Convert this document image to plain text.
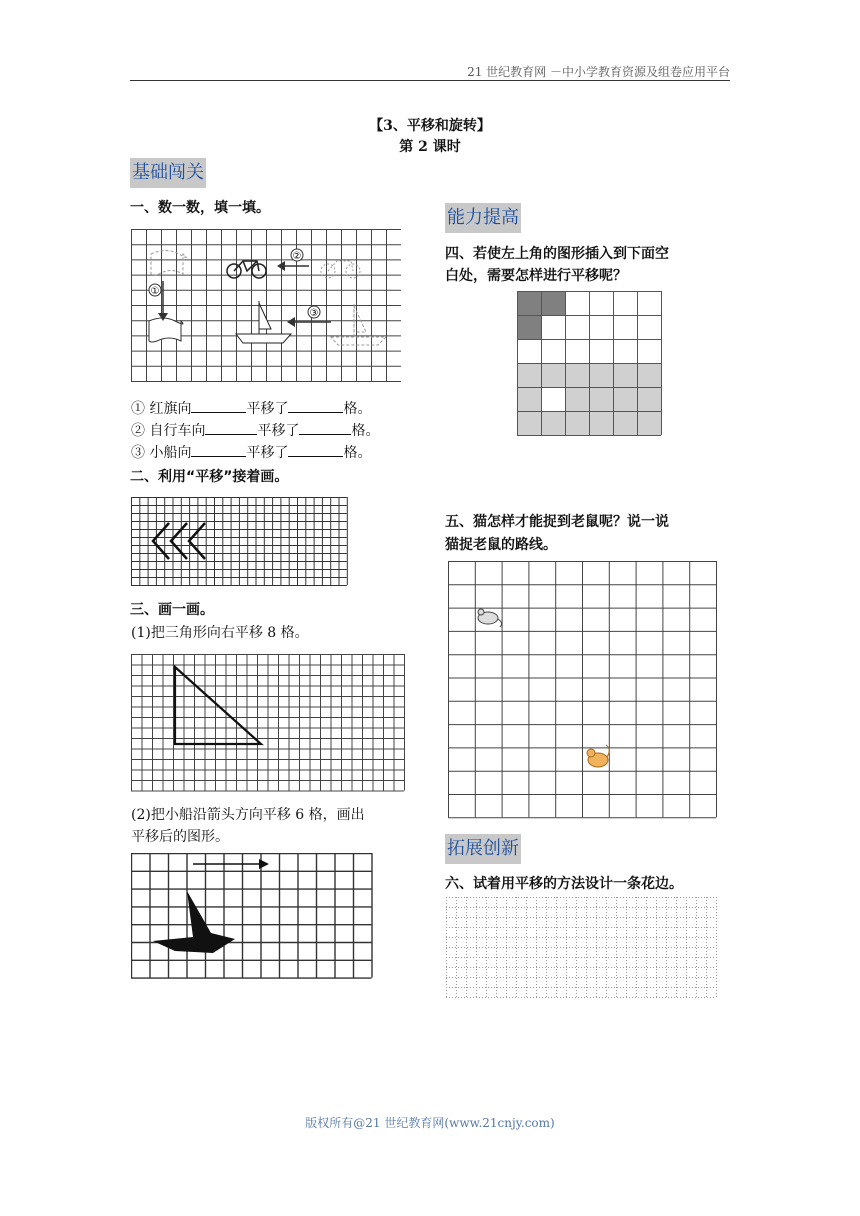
21 世纪教育网 －中小学教育资源及组卷应用平台
【3、平移和旋转】
第 2 课时
基础闯关
一、数一数，填一填。
①
②
③
① 红旗向	平移了	格。
② 自行车向	平移了	格。
③ 小船向	平移了	格。
二、利用“平移”接着画。
三、画一画。
(1)把三角形向右平移 8 格。
(2)把小船沿箭头方向平移 6 格，画出
平移后的图形。
能力提高
四、若使左上角的图形插入到下面空
白处，需要怎样进行平移呢？
五、猫怎样才能捉到老鼠呢？说一说
猫捉老鼠的路线。
拓展创新
六、试着用平移的方法设计一条花边。
版权所有@21 世纪教育网(www.21cnjy.com)
